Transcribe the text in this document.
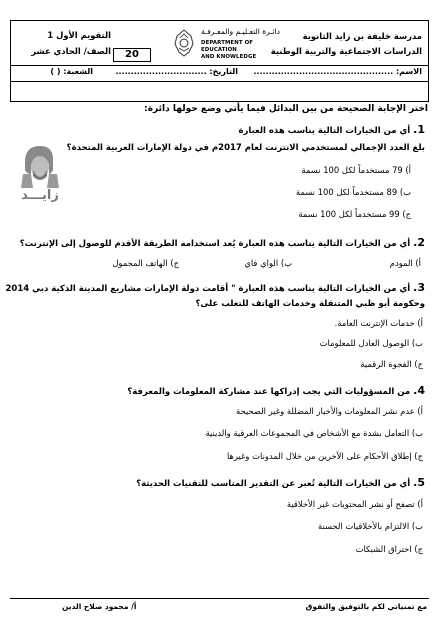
مدرسة خليفة بن زايد الثانوية
الدراسات الاجتماعية والتربية الوطنية
دائـرة التعـليـم والمعـرفـة
DEPARTMENT OF EDUCATION
AND KNOWLEDGE
20
التقويم الأول 1
الصف/ الحادي عشر
الاسم: ..............................................
التاريخ: ..............................
الشعبة: ( )
اختر الإجابة الصحيحة من بين البدائل فيما يأتي وضع حولها دائرة:
زايـــد
1. أي من الخيارات التالية يناسب هذه العبارة
بلغ العدد الإجمالي لمستخدمي الانترنت لعام 2017م في دولة الإمارات العربية المتحدة؟
أ) 79 مستخدماً لكل 100 نسمة
ب) 89 مستخدماً لكل 100 نسمة
ج) 99 مستخدماً لكل 100 نسمة
2. أي من الخيارات التالية يناسب هذه العبارة يُعد استخدامه الطريقة الأقدم للوصول إلى الإنترنت؟
أ) المودم
ب) الواي فاي
ج) الهاتف المحمول
3. أي من الخيارات التالية يناسب هذه العبارة " أقامت دولة الإمارات مشاريع المدينة الذكية دبي 2014
وحكومة أبو ظبي المتنقلة وخدمات الهاتف للتغلب على؟
أ) خدمات الإنترنت العامة.
ب) الوصول العادل للمعلومات
ج) الفجوة الرقمية
4. من المسؤوليات التي يجب إدراكها عند مشاركة المعلومات والمعرفة؟
أ) عدم نشر المعلومات والأخبار المضللة وغير الصحيحة
ب) التعامل بشدة مع الأشخاص في المجموعات العرقية والدينية
ج) إطلاق الأحكام على الآخرين من خلال المدونات وغيرها
5. أي من الخيارات التالية تُعبر عن التقدير المناسب للتقنيات الحديثة؟
أ) تصفح أو نشر المحتويات غير الأخلاقية
ب) الالتزام بالأخلاقيات الحسنة
ج) اختراق الشبكات
مع تمنياتي لكم بالتوفيق والتفوق
أ/ محمود صلاح الدين
